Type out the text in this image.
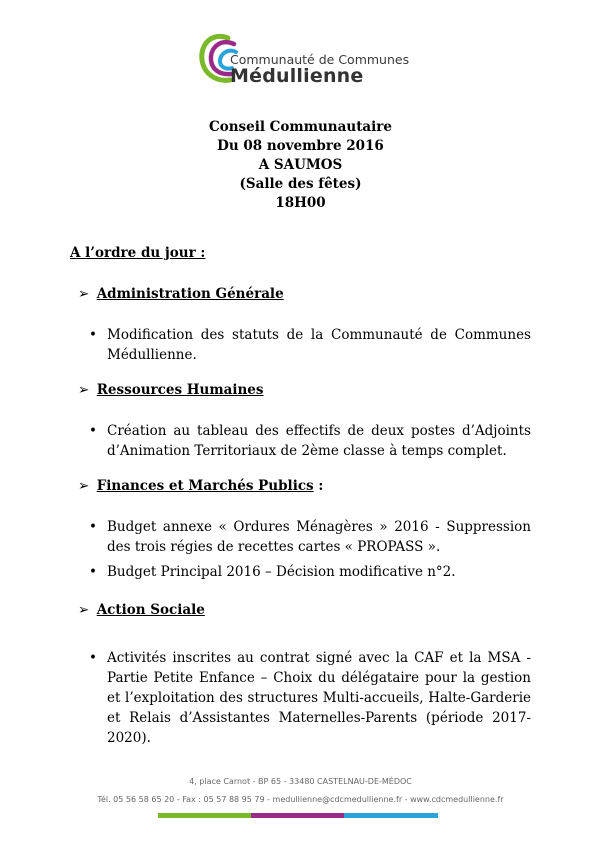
Communauté de Communes
Médullienne
Conseil Communautaire
Du 08 novembre 2016
A SAUMOS
(Salle des fêtes)
18H00
A l’ordre du jour :
➢ Administration Générale
• Modification des statuts de la Communauté de Communes Médullienne.
➢ Ressources Humaines
• Création au tableau des effectifs de deux postes d’Adjoints d’Animation Territoriaux de 2ème classe à temps complet.
➢ Finances et Marchés Publics :
• Budget annexe « Ordures Ménagères » 2016 - Suppression des trois régies de recettes cartes « PROPASS ».
• Budget Principal 2016 – Décision modificative n°2.
➢ Action Sociale
• Activités inscrites au contrat signé avec la CAF et la MSA - Partie Petite Enfance – Choix du délégataire pour la gestion et l’exploitation des structures Multi-accueils, Halte-Garderie et Relais d’Assistantes Maternelles-Parents (période 2017-2020).
4, place Carnot - BP 65 - 33480 CASTELNAU-DE-MÉDOC
Tél. 05 56 58 65 20 - Fax : 05 57 88 95 79 - medullienne@cdcmedullienne.fr - www.cdcmedullienne.fr
